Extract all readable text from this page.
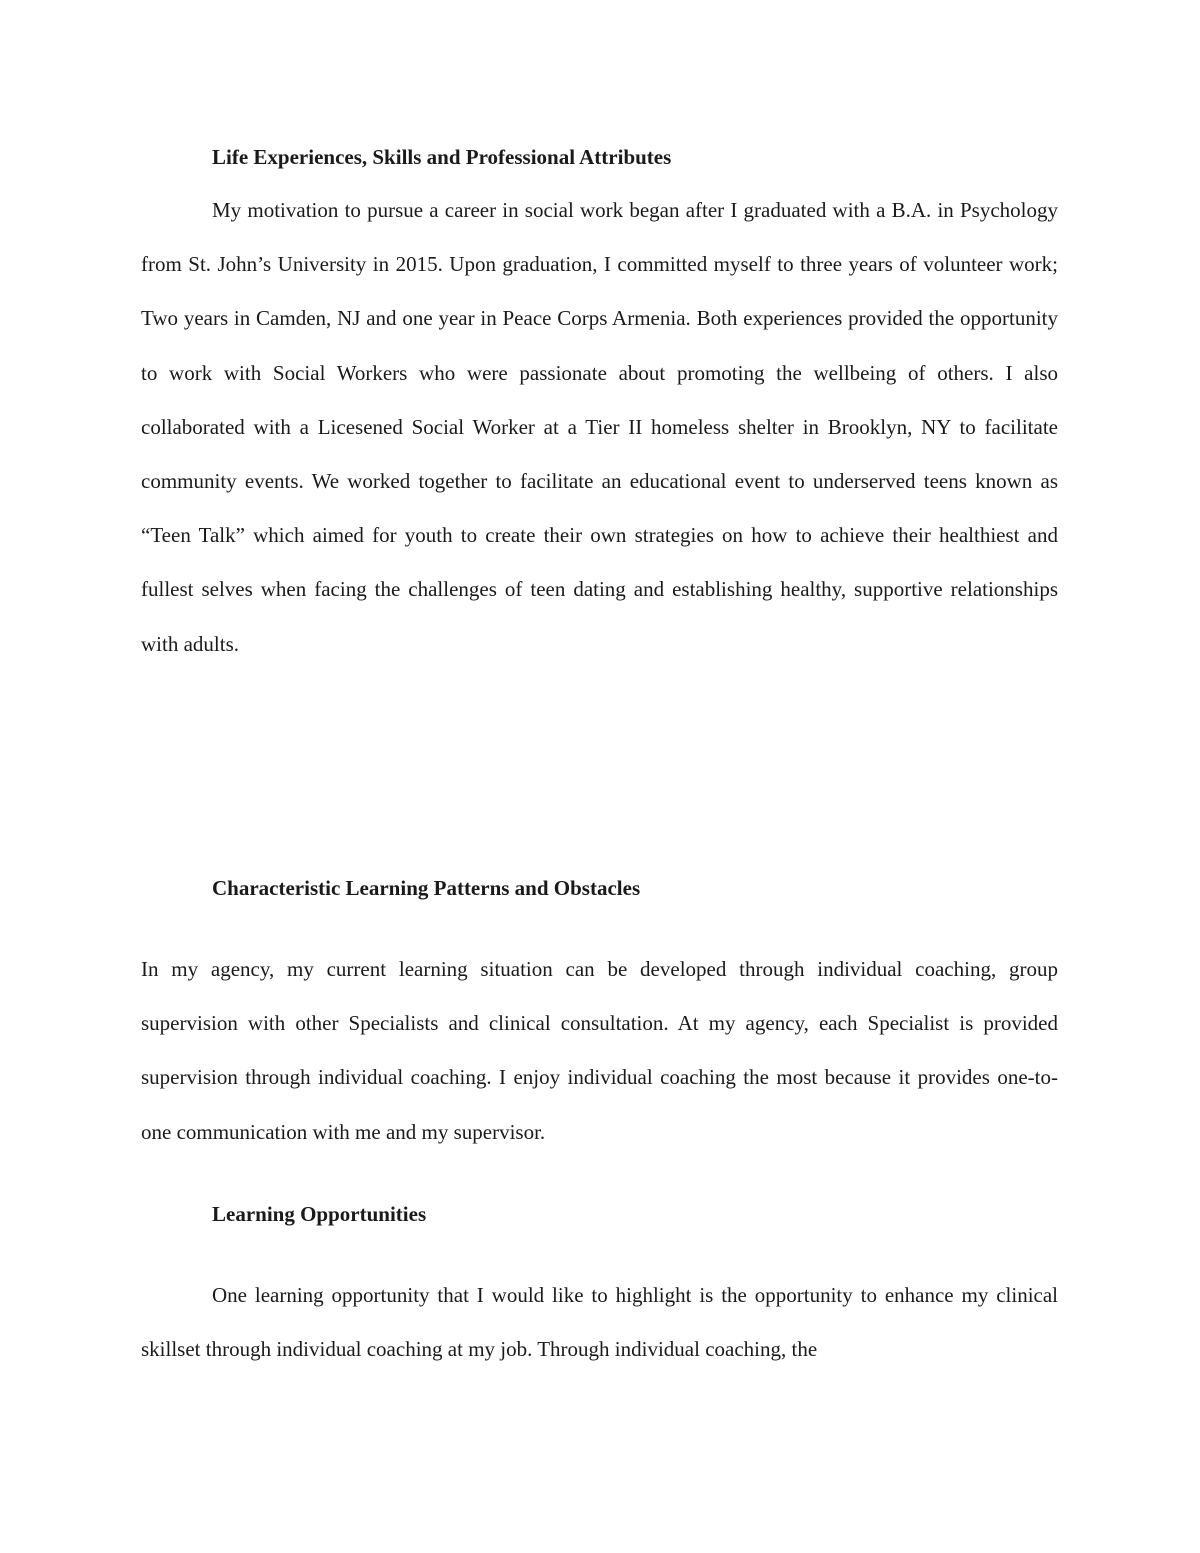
Life Experiences, Skills and Professional Attributes

My motivation to pursue a career in social work began after I graduated with a B.A. in Psychology from St. John’s University in 2015. Upon graduation, I committed myself to three years of volunteer work; Two years in Camden, NJ and one year in Peace Corps Armenia. Both experiences provided the opportunity to work with Social Workers who were passionate about promoting the wellbeing of others. I also collaborated with a Licesened Social Worker at a Tier II homeless shelter in Brooklyn, NY to facilitate community events. We worked together to facilitate an educational event to underserved teens known as “Teen Talk” which aimed for youth to create their own strategies on how to achieve their healthiest and fullest selves when facing the challenges of teen dating and establishing healthy, supportive relationships with adults.

Characteristic Learning Patterns and Obstacles

In my agency, my current learning situation can be developed through individual coaching, group supervision with other Specialists and clinical consultation. At my agency, each Specialist is provided supervision through individual coaching. I enjoy individual coaching the most because it provides one-to-one communication with me and my supervisor.

Learning Opportunities

One learning opportunity that I would like to highlight is the opportunity to enhance my clinical skillset through individual coaching at my job. Through individual coaching, the
